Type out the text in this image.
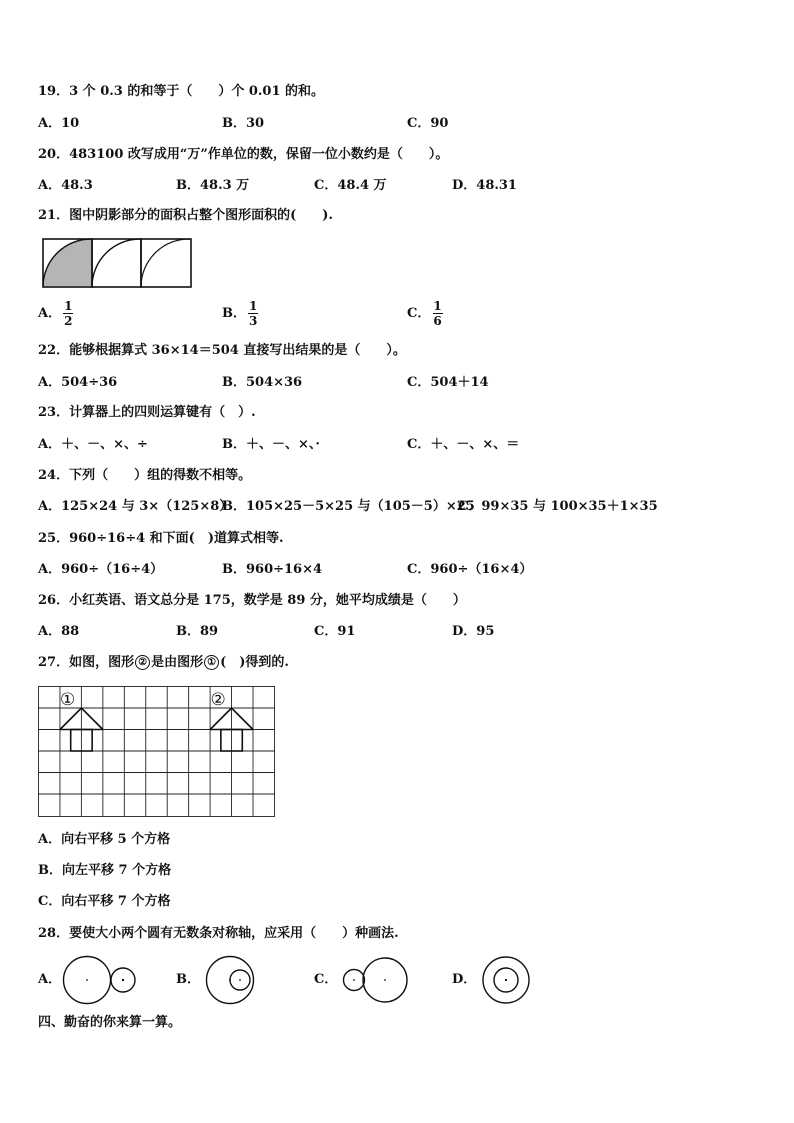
19．3 个 0.3 的和等于（　　）个 0.01 的和。
A．10	B．30	C．90
20．483100 改写成用“万”作单位的数，保留一位小数约是（　　）。
A．48.3	B．48.3 万	C．48.4 万	D．48.31
21．图中阴影部分的面积占整个图形面积的(　　).
A． $\frac{1}{2}$	B． $\frac{1}{3}$	C． $\frac{1}{6}$
22．能够根据算式 36×14＝504 直接写出结果的是（　　）。
A．504÷36	B．504×36	C．504＋14
23．计算器上的四则运算键有（　）.
A．＋、－、×、÷	B．＋、－、×、·	C．＋、－、×、＝
24．下列（　　）组的得数不相等。
A．125×24 与 3×（125×8）
B．105×25－5×25 与（105－5）×25
C．99×35 与 100×35＋1×35
25．960÷16÷4 和下面(　)道算式相等.
A．960÷（16÷4）	B．960÷16×4	C．960÷（16×4）
26．小红英语、语文总分是 175，数学是 89 分，她平均成绩是（　　）
A．88	B．89	C．91	D．95
27．如图，图形 ② 是由图形 ① (　)得到的.
①	②
A．向右平移 5 个方格
B．向左平移 7 个方格
C．向右平移 7 个方格
28．要使大小两个圆有无数条对称轴，应采用（　　）种画法.
A．	B．	C．	D．
四、勤奋的你来算一算。
